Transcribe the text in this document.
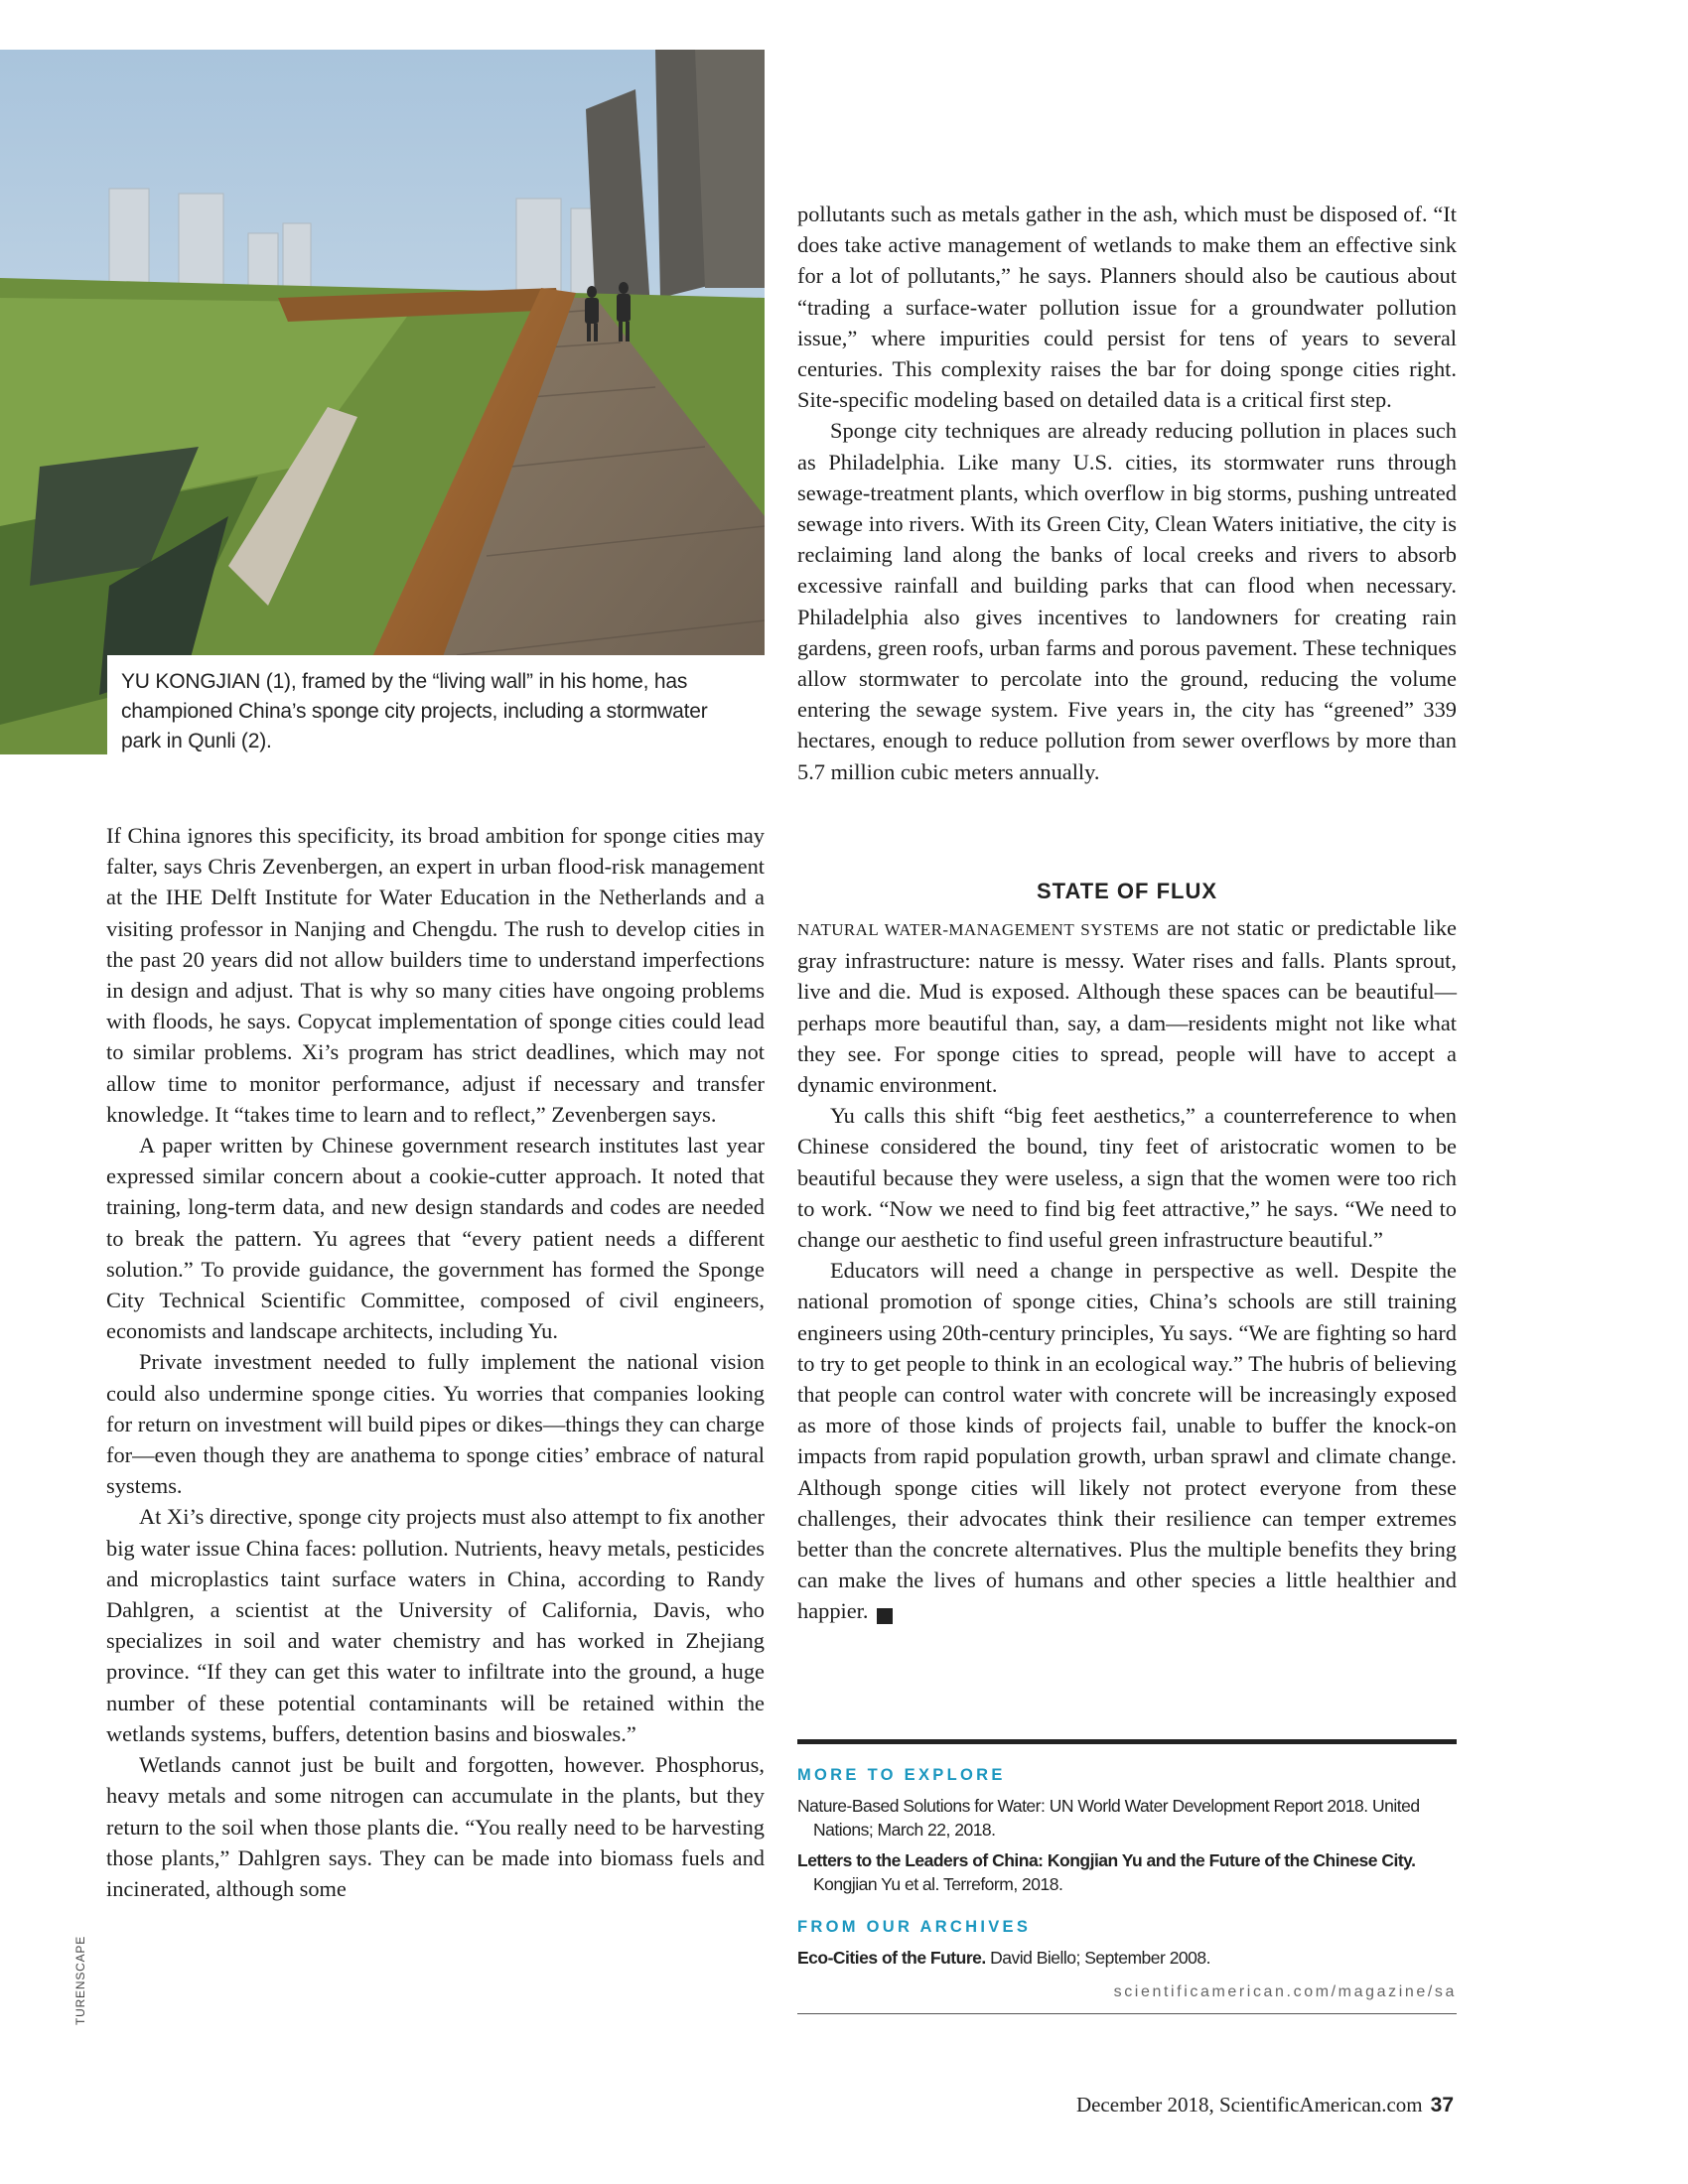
YU KONGJIAN (1), framed by the “living wall” in his home, has championed China’s sponge city projects, including a stormwater park in Qunli (2).

pollutants such as metals gather in the ash, which must be disposed of. “It does take active management of wetlands to make them an effective sink for a lot of pollutants,” he says. Planners should also be cautious about “trading a surface-water pollution issue for a groundwater pollution issue,” where impurities could persist for tens of years to several centuries. This complexity raises the bar for doing sponge cities right. Site-specific modeling based on detailed data is a critical first step.

Sponge city techniques are already reducing pollution in places such as Philadelphia. Like many U.S. cities, its stormwater runs through sewage-treatment plants, which overflow in big storms, pushing untreated sewage into rivers. With its Green City, Clean Waters initiative, the city is reclaiming land along the banks of local creeks and rivers to absorb excessive rainfall and building parks that can flood when necessary. Philadelphia also gives incentives to landowners for creating rain gardens, green roofs, urban farms and porous pavement. These techniques allow stormwater to percolate into the ground, reducing the volume entering the sewage system. Five years in, the city has “greened” 339 hectares, enough to reduce pollution from sewer overflows by more than 5.7 million cubic meters annually.

STATE OF FLUX

NATURAL WATER-MANAGEMENT SYSTEMS are not static or predictable like gray infrastructure: nature is messy. Water rises and falls. Plants sprout, live and die. Mud is exposed. Although these spaces can be beautiful—perhaps more beautiful than, say, a dam—residents might not like what they see. For sponge cities to spread, people will have to accept a dynamic environment.

Yu calls this shift “big feet aesthetics,” a counterreference to when Chinese considered the bound, tiny feet of aristocratic women to be beautiful because they were useless, a sign that the women were too rich to work. “Now we need to find big feet attractive,” he says. “We need to change our aesthetic to find useful green infrastructure beautiful.”

Educators will need a change in perspective as well. Despite the national promotion of sponge cities, China’s schools are still training engineers using 20th-century principles, Yu says. “We are fighting so hard to try to get people to think in an ecological way.” The hubris of believing that people can control water with concrete will be increasingly exposed as more of those kinds of projects fail, unable to buffer the knock-on impacts from rapid population growth, urban sprawl and climate change. Although sponge cities will likely not protect everyone from these challenges, their advocates think their resilience can temper extremes better than the concrete alternatives. Plus the multiple benefits they bring can make the lives of humans and other species a little healthier and happier.	SA

If China ignores this specificity, its broad ambition for sponge cities may falter, says Chris Zevenbergen, an expert in urban flood-risk management at the IHE Delft Institute for Water Education in the Netherlands and a visiting professor in Nanjing and Chengdu. The rush to develop cities in the past 20 years did not allow builders time to understand imperfections in design and adjust. That is why so many cities have ongoing problems with floods, he says. Copycat implementation of sponge cities could lead to similar problems. Xi’s program has strict deadlines, which may not allow time to monitor performance, adjust if necessary and transfer knowledge. It “takes time to learn and to reflect,” Zevenbergen says.

A paper written by Chinese government research institutes last year expressed similar concern about a cookie-cutter approach. It noted that training, long-term data, and new design standards and codes are needed to break the pattern. Yu agrees that “every patient needs a different solution.” To provide guidance, the government has formed the Sponge City Technical Scientific Committee, composed of civil engineers, economists and landscape architects, including Yu.

Private investment needed to fully implement the national vision could also undermine sponge cities. Yu worries that companies looking for return on investment will build pipes or dikes—things they can charge for—even though they are anathema to sponge cities’ embrace of natural systems.

At Xi’s directive, sponge city projects must also attempt to fix another big water issue China faces: pollution. Nutrients, heavy metals, pesticides and microplastics taint surface waters in China, according to Randy Dahlgren, a scientist at the University of California, Davis, who specializes in soil and water chemistry and has worked in Zhejiang province. “If they can get this water to infiltrate into the ground, a huge number of these potential contaminants will be retained within the wetlands systems, buffers, detention basins and bioswales.”

Wetlands cannot just be built and forgotten, however. Phosphorus, heavy metals and some nitrogen can accumulate in the plants, but they return to the soil when those plants die. “You really need to be harvesting those plants,” Dahlgren says. They can be made into biomass fuels and incinerated, although some

MORE TO EXPLORE
Nature-Based Solutions for Water: UN World Water Development Report 2018. United Nations; March 22, 2018.
Letters to the Leaders of China: Kongjian Yu and the Future of the Chinese City. Kongjian Yu et al. Terreform, 2018.
FROM OUR ARCHIVES
Eco-Cities of the Future. David Biello; September 2008.
scientificamerican.com/magazine/sa
TURENSCAPE
December 2018, ScientificAmerican.com 37
